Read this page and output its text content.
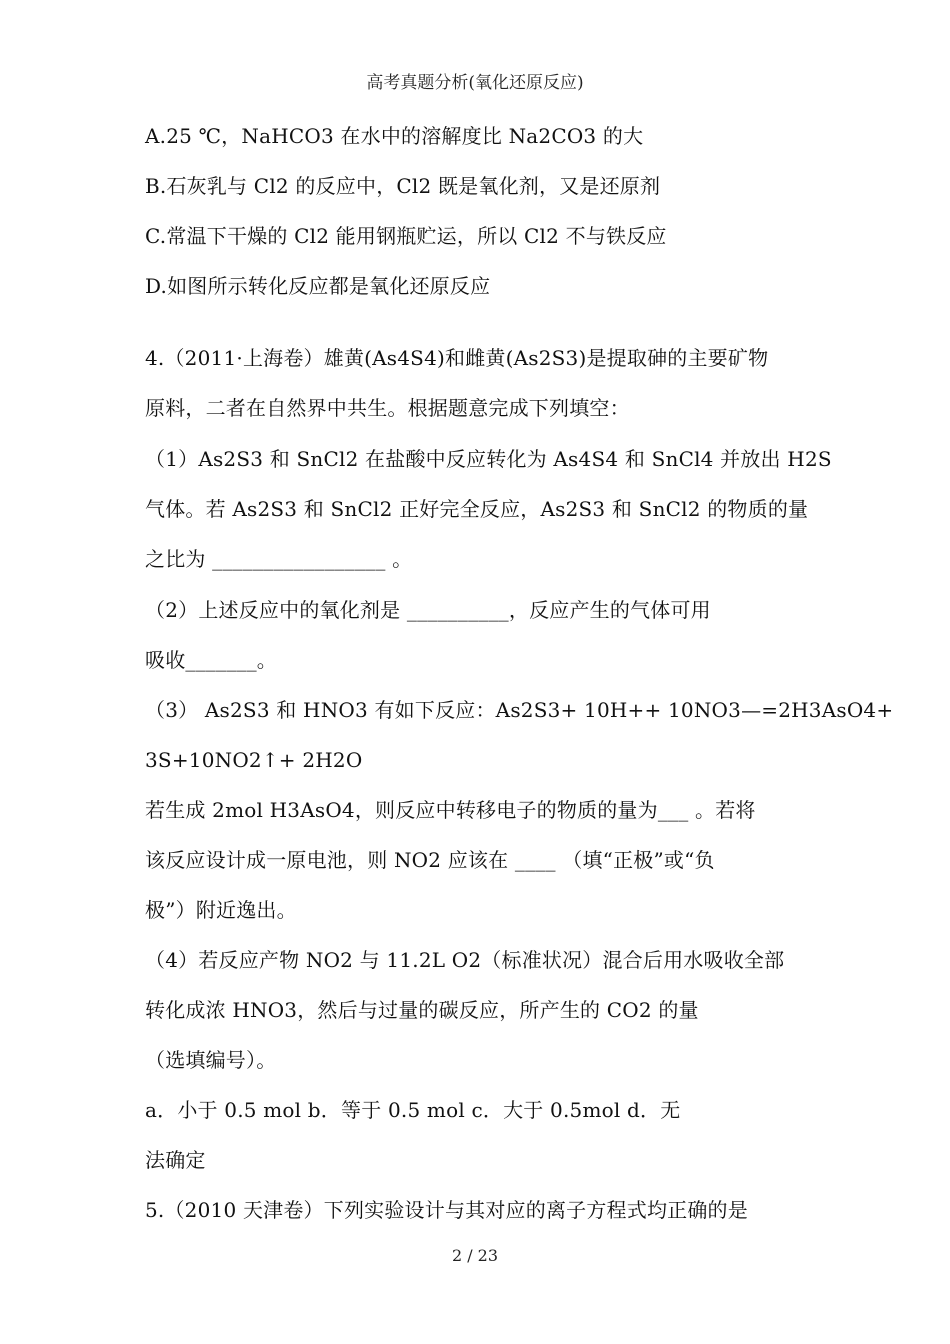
高考真题分析(氧化还原反应)
A.25 ℃，NaHCO3 在水中的溶解度比 Na2CO3 的大
B.石灰乳与 Cl2 的反应中，Cl2 既是氧化剂，又是还原剂
C.常温下干燥的 Cl2 能用钢瓶贮运，所以 Cl2 不与铁反应
D.如图所示转化反应都是氧化还原反应
4.（2011·上海卷）雄黄(As4S4)和雌黄(As2S3)是提取砷的主要矿物
原料，二者在自然界中共生。根据题意完成下列填空：
（1）As2S3 和 SnCl2 在盐酸中反应转化为 As4S4 和 SnCl4 并放出 H2S
气体。若 As2S3 和 SnCl2 正好完全反应，As2S3 和 SnCl2 的物质的量
之比为 _________________ 。
（2）上述反应中的氧化剂是 __________，反应产生的气体可用
吸收_______。
（3） As2S3 和 HNO3 有如下反应：As2S3+ 10H++ 10NO3—=2H3AsO4+
3S+10NO2↑+ 2H2O
若生成 2mol H3AsO4，则反应中转移电子的物质的量为___ 。若将
该反应设计成一原电池，则 NO2 应该在 ____ （填“正极”或“负
极”）附近逸出。
（4）若反应产物 NO2 与 11.2L O2（标准状况）混合后用水吸收全部
转化成浓 HNO3，然后与过量的碳反应，所产生的 CO2 的量
（选填编号）。
a．小于 0.5 mol b．等于 0.5 mol c．大于 0.5mol d．无
法确定
5.（2010 天津卷）下列实验设计与其对应的离子方程式均正确的是
2 / 23
